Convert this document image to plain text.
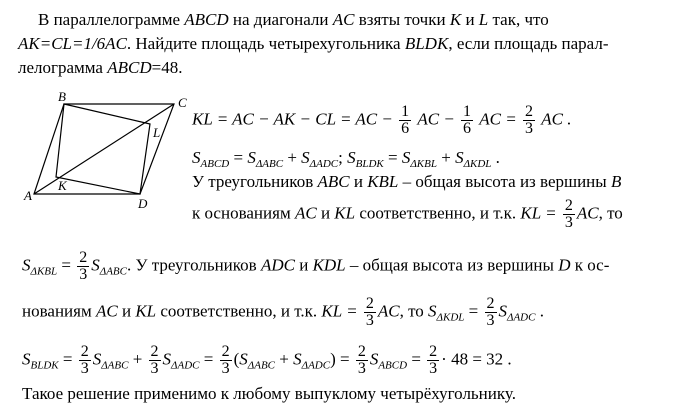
В параллелограмме ABCD на диагонали AC взяты точки K и L так, что
AK=CL=1/6AC. Найдите площадь четырехугольника BLDK, если площадь парал-
лелограмма ABCD=48.
A
B	C
D
K
L
KL = AC − AK − CL = AC − $\frac{1}{6}$ AC − $\frac{1}{6}$ AC = $\frac{2}{3}$ AC .
$S_{ABCD} = S_{\Delta ABC} + S_{\Delta ADC}$; $S_{BLDK} = S_{\Delta KBL} + S_{\Delta KDL}$ .
У треугольников ABC и KBL – общая высота из вершины B
к основаниям AC и KL соответственно, и т.к. KL = $\frac{2}{3}$ AC, то
$S_{\Delta KBL} = \frac{2}{3} S_{\Delta ABC}$. У треугольников ADC и KDL – общая высота из вершины D к ос-
нованиям AC и KL соответственно, и т.к. KL = $\frac{2}{3}$ AC, то $S_{\Delta KDL} = \frac{2}{3} S_{\Delta ADC}$ .
$S_{BLDK} = \frac{2}{3} S_{\Delta ABC} + \frac{2}{3} S_{\Delta ADC} = \frac{2}{3} (S_{\Delta ABC} + S_{\Delta ADC}) = \frac{2}{3} S_{ABCD} = \frac{2}{3} \cdot 48 = 32$ .
Такое решение применимо к любому выпуклому четырёхугольнику.
